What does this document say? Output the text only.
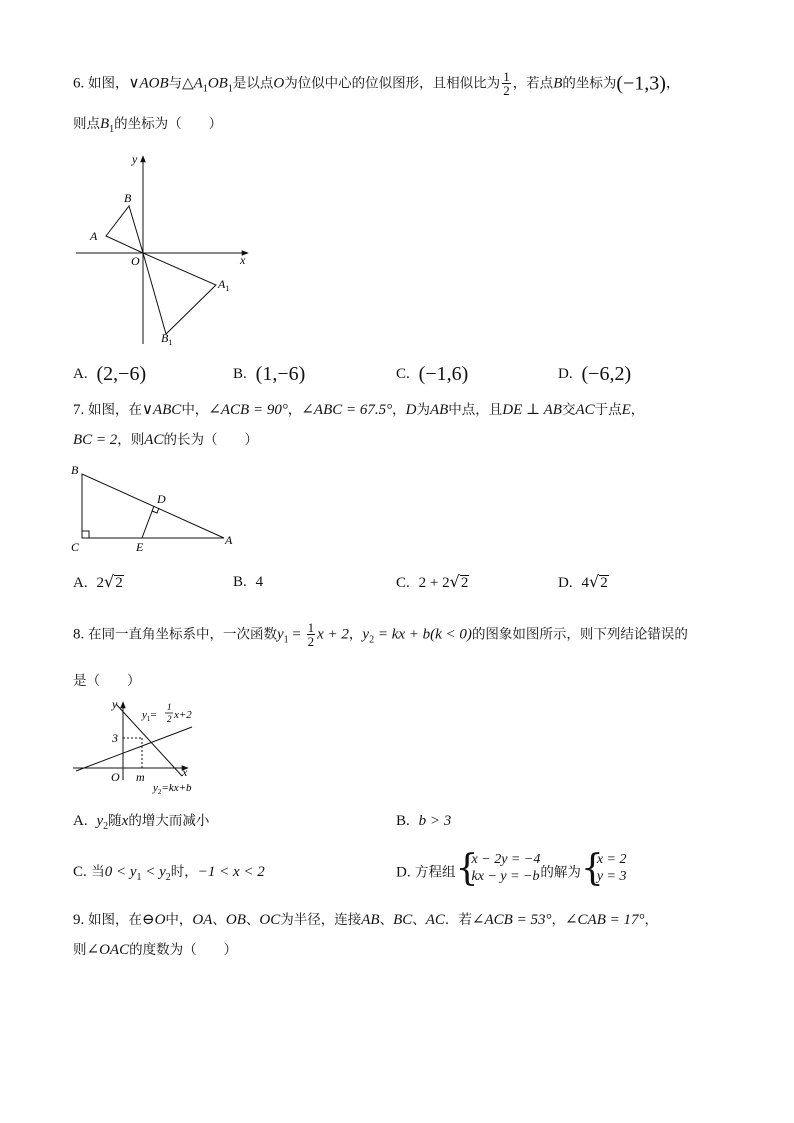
6. 如图，∨AOB与$\triangle A_1OB_1$是以点O为位似中心的位似图形，且相似比为 $\frac{1}{2}$ ，若点B的坐标为(−1,3)，
则点$B_1$的坐标为（　　）
y
x
O
A
B
$A_1$
$B_1$
A. (2,−6)	B. (1,−6)	C. (−1,6)	D. (−6,2)
7. 如图，在∨ABC中，∠ACB = 90°，∠ABC = 67.5°，D为AB中点，且DE ⊥ AB交AC于点E，
BC = 2，则AC的长为（　　）
B
C	A
D
E
A. 2√2	B. 4	C. 2 + 2√2	D. 4√2
8. 在同一直角坐标系中，一次函数$y_1 = \frac{1}{2}$ x + 2，$y_2$ = kx + b(k < 0)的图象如图所示，则下列结论错误的
是（　　）
y
x
O
3
m
$y_1=$
1
2 x+2
$y_2=kx+b$
A. $y_2$随x的增大而减小	B. b > 3
C. 当$0 < y_1 < y_2$时，−1 < x < 2	D. 方程组 {
x − 2y = −4
kx − y = −b 的解为 {
x = 2
y = 3
9. 如图，在⊖O中，OA、OB、OC为半径，连接AB、BC、AC．若∠ACB = 53°，∠CAB = 17°，
则∠OAC的度数为（　　）
